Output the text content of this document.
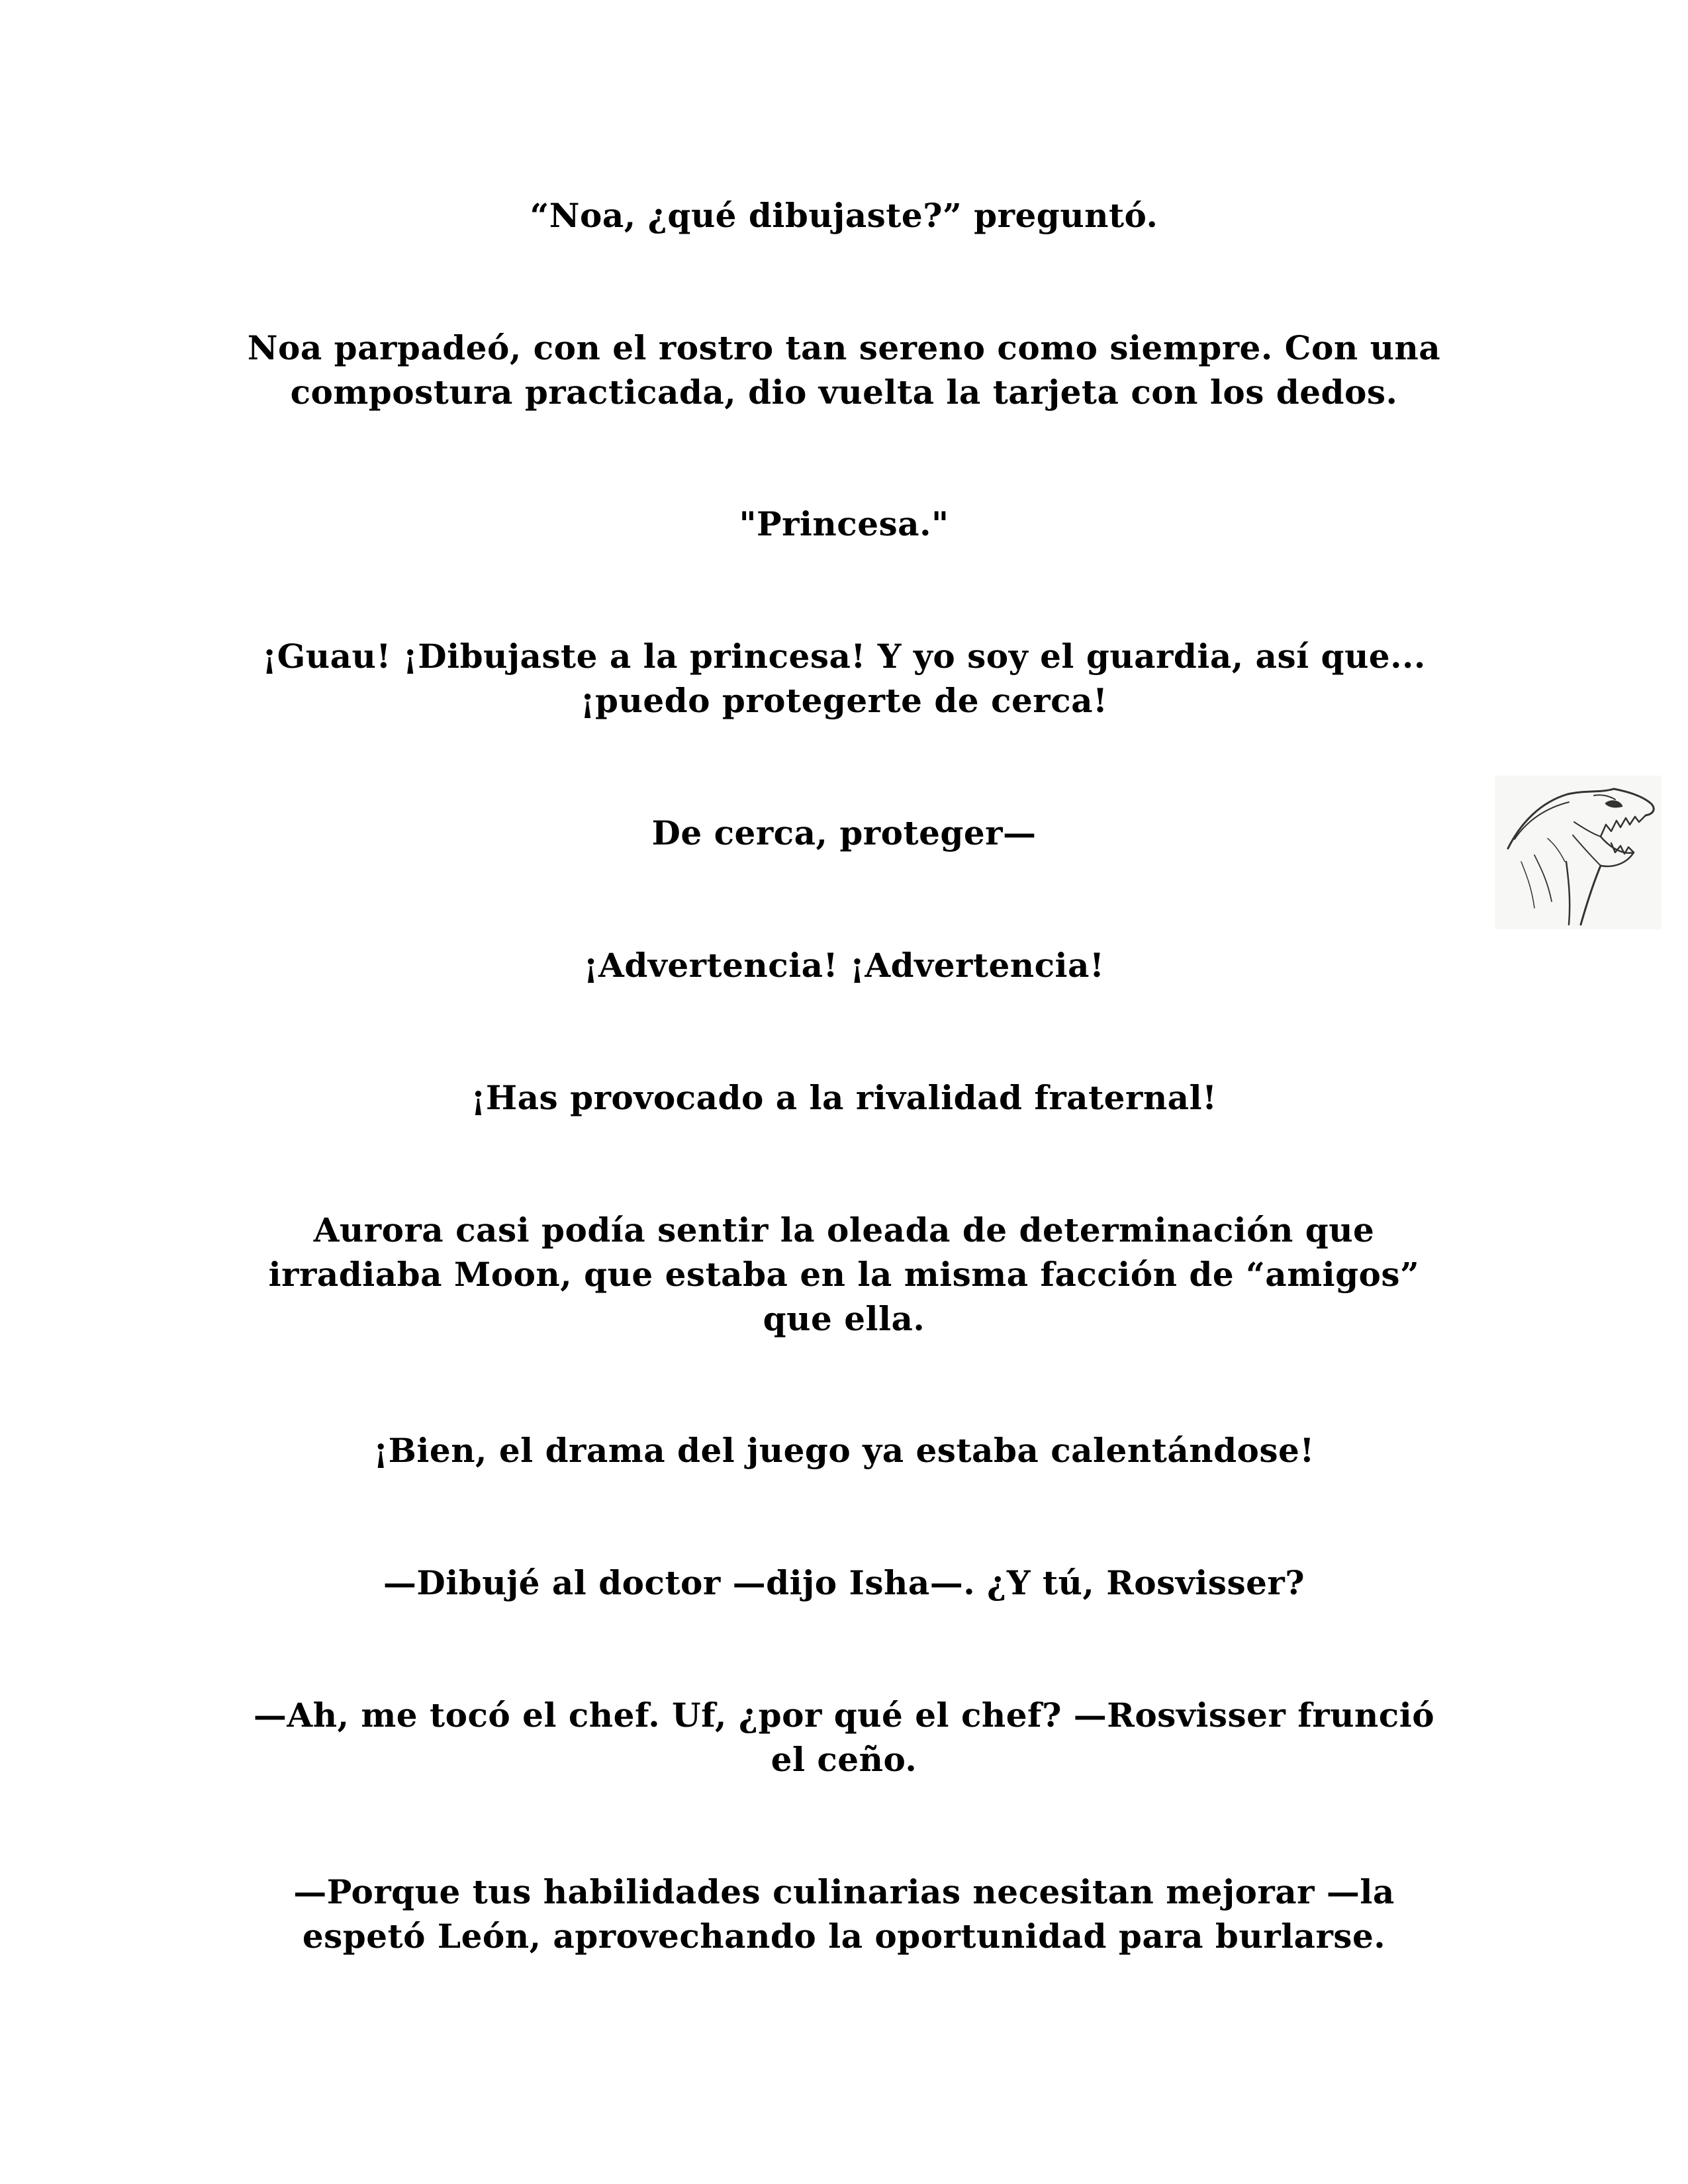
“Noa, ¿qué dibujaste?” preguntó.

Noa parpadeó, con el rostro tan sereno como siempre. Con una
compostura practicada, dio vuelta la tarjeta con los dedos.

"Princesa."

¡Guau! ¡Dibujaste a la princesa! Y yo soy el guardia, así que...
¡puedo protegerte de cerca!

De cerca, proteger—

¡Advertencia! ¡Advertencia!

¡Has provocado a la rivalidad fraternal!

Aurora casi podía sentir la oleada de determinación que
irradiaba Moon, que estaba en la misma facción de “amigos”
que ella.

¡Bien, el drama del juego ya estaba calentándose!

—Dibujé al doctor —dijo Isha—. ¿Y tú, Rosvisser?

—Ah, me tocó el chef. Uf, ¿por qué el chef? —Rosvisser frunció
el ceño.

—Porque tus habilidades culinarias necesitan mejorar —la
espetó León, aprovechando la oportunidad para burlarse.
